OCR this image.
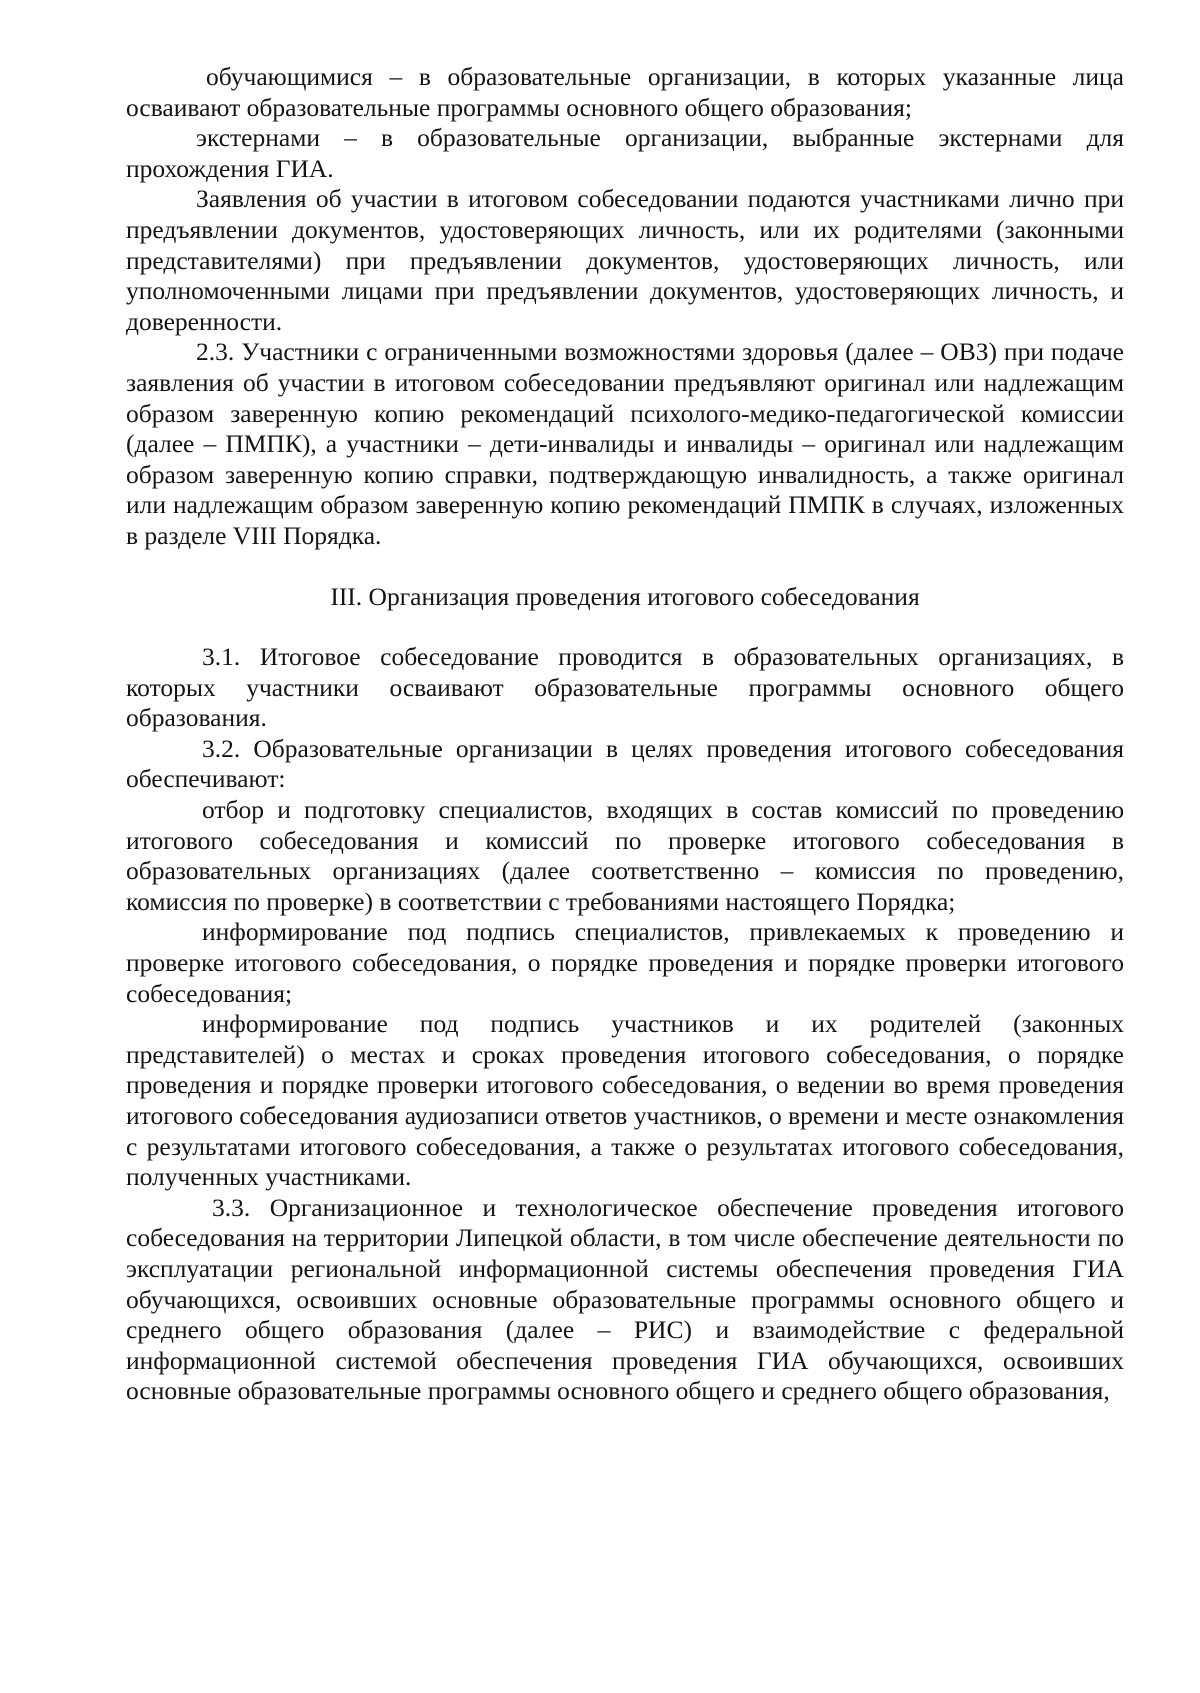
обучающимися – в образовательные организации, в которых указанные лица осваивают образовательные программы основного общего образования;

экстернами – в образовательные организации, выбранные экстернами для прохождения ГИА.

Заявления об участии в итоговом собеседовании подаются участниками лично при предъявлении документов, удостоверяющих личность, или их родителями (законными представителями) при предъявлении документов, удостоверяющих личность, или уполномоченными лицами при предъявлении документов, удостоверяющих личность, и доверенности.

2.3. Участники с ограниченными возможностями здоровья (далее – ОВЗ) при подаче заявления об участии в итоговом собеседовании предъявляют оригинал или надлежащим образом заверенную копию рекомендаций психолого-медико-педагогической комиссии (далее – ПМПК), а участники – дети-инвалиды и инвалиды – оригинал или надлежащим образом заверенную копию справки, подтверждающую инвалидность, а также оригинал или надлежащим образом заверенную копию рекомендаций ПМПК в случаях, изложенных в разделе VIII Порядка.

III. Организация проведения итогового собеседования

3.1. Итоговое собеседование проводится в образовательных организациях, в которых участники осваивают образовательные программы основного общего образования.

3.2. Образовательные организации в целях проведения итогового собеседования обеспечивают:

отбор и подготовку специалистов, входящих в состав комиссий по проведению итогового собеседования и комиссий по проверке итогового собеседования в образовательных организациях (далее соответственно – комиссия по проведению, комиссия по проверке) в соответствии с требованиями настоящего Порядка;

информирование под подпись специалистов, привлекаемых к проведению и проверке итогового собеседования, о порядке проведения и порядке проверки итогового собеседования;

информирование под подпись участников и их родителей (законных представителей) о местах и сроках проведения итогового собеседования, о порядке проведения и порядке проверки итогового собеседования, о ведении во время проведения итогового собеседования аудиозаписи ответов участников, о времени и месте ознакомления с результатами итогового собеседования, а также о результатах итогового собеседования, полученных участниками.

3.3. Организационное и технологическое обеспечение проведения итогового собеседования на территории Липецкой области, в том числе обеспечение деятельности по эксплуатации региональной информационной системы обеспечения проведения ГИА обучающихся, освоивших основные образовательные программы основного общего и среднего общего образования (далее – РИС) и взаимодействие с федеральной информационной системой обеспечения проведения ГИА обучающихся, освоивших основные образовательные программы основного общего и среднего общего образования,
